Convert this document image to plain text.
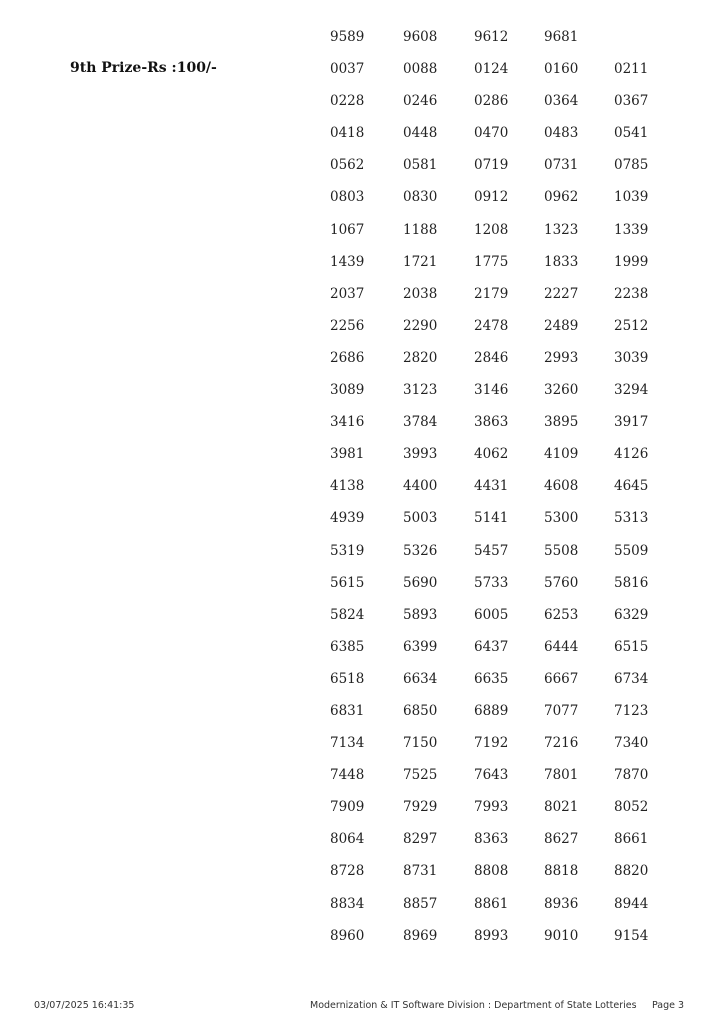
9th Prize-Rs :100/-
9589	9608	9612	9681
0037	0088	0124	0160	0211
0228	0246	0286	0364	0367
0418	0448	0470	0483	0541
0562	0581	0719	0731	0785
0803	0830	0912	0962	1039
1067	1188	1208	1323	1339
1439	1721	1775	1833	1999
2037	2038	2179	2227	2238
2256	2290	2478	2489	2512
2686	2820	2846	2993	3039
3089	3123	3146	3260	3294
3416	3784	3863	3895	3917
3981	3993	4062	4109	4126
4138	4400	4431	4608	4645
4939	5003	5141	5300	5313
5319	5326	5457	5508	5509
5615	5690	5733	5760	5816
5824	5893	6005	6253	6329
6385	6399	6437	6444	6515
6518	6634	6635	6667	6734
6831	6850	6889	7077	7123
7134	7150	7192	7216	7340
7448	7525	7643	7801	7870
7909	7929	7993	8021	8052
8064	8297	8363	8627	8661
8728	8731	8808	8818	8820
8834	8857	8861	8936	8944
8960	8969	8993	9010	9154
03/07/2025 16:41:35	Modernization & IT Software Division : Department of State Lotteries Page 3
